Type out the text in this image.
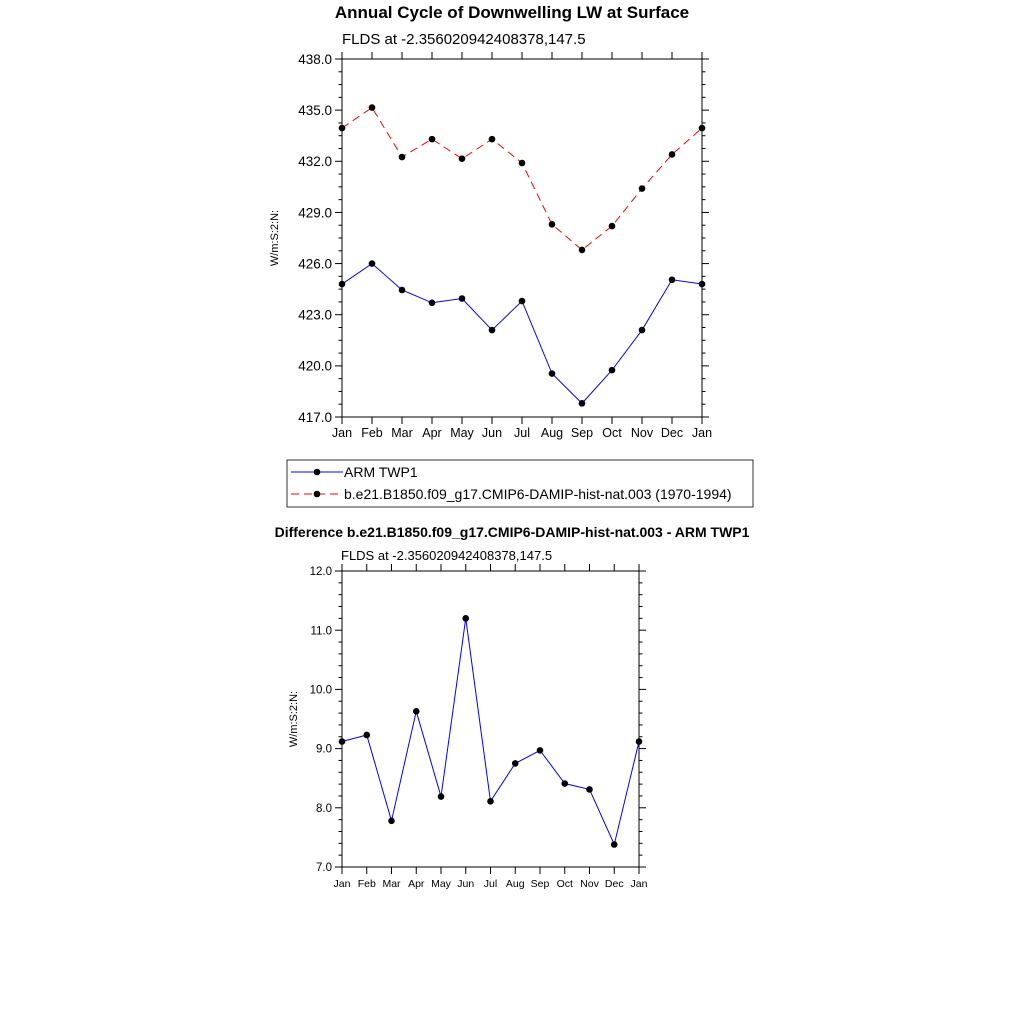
Annual Cycle of Downwelling LW at Surface
FLDS at -2.356020942408378,147.5
Difference b.e21.B1850.f09_g17.CMIP6-DAMIP-hist-nat.003 - ARM TWP1
FLDS at -2.356020942408378,147.5
417.0
420.0
423.0
426.0
429.0
432.0
435.0
438.0
Jan Feb Mar Apr May Jun Jul Aug Sep Oct Nov Dec Jan
W/m:S:2:N:
ARM TWP1
b.e21.B1850.f09_g17.CMIP6-DAMIP-hist-nat.003 (1970-1994)
7.0
8.0
9.0
10.0
11.0
12.0
Jan Feb Mar Apr May Jun Jul Aug Sep Oct Nov Dec Jan
W/m:S:2:N:
